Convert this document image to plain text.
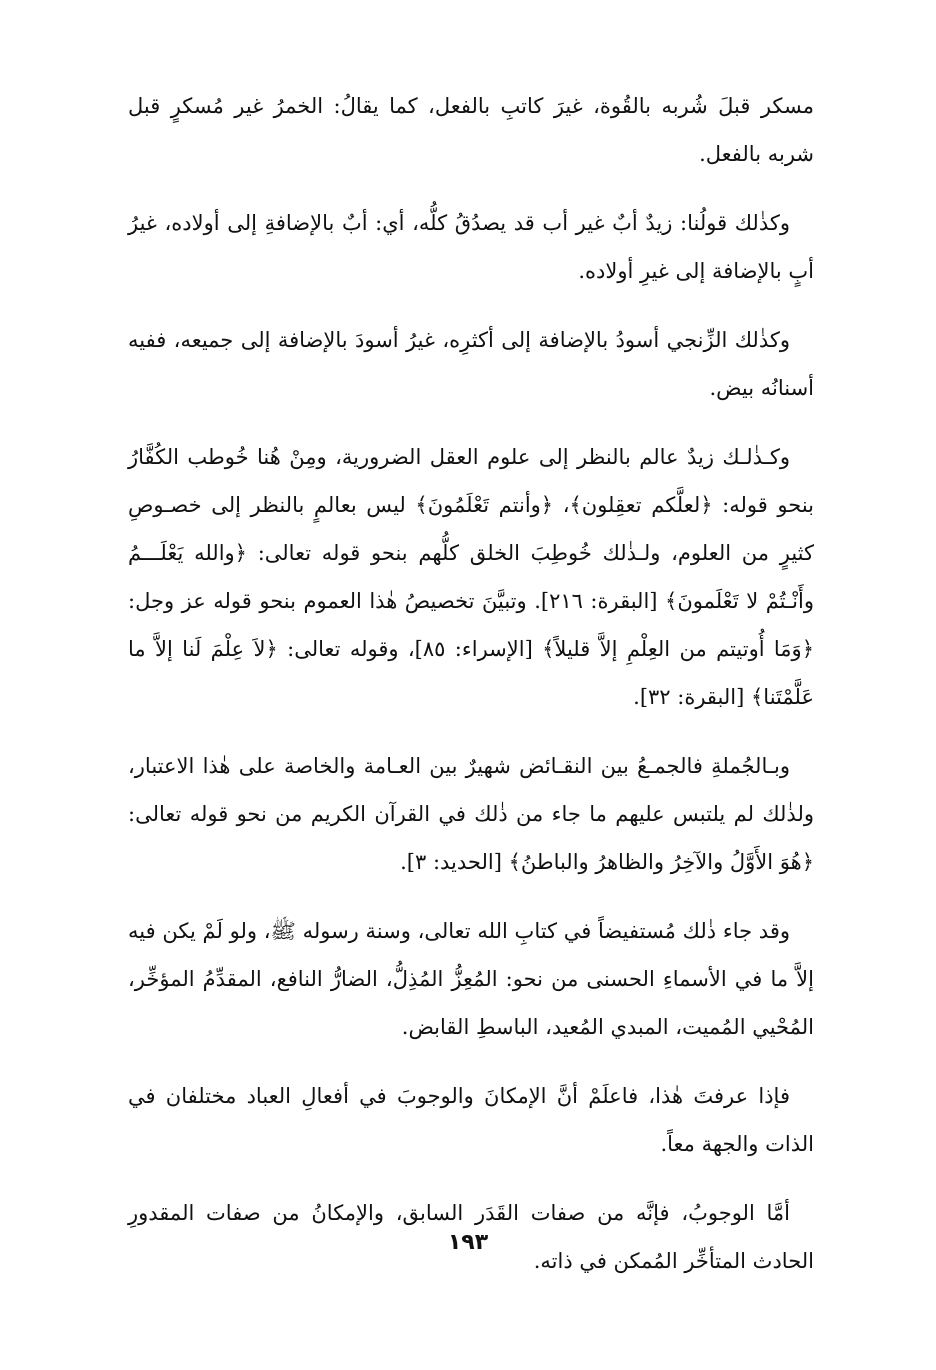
مسكر قبلَ شُربه بالقُوة، غيرَ كاتبِ بالفعل، كما يقالُ: الخمرُ غير مُسكرٍ قبل شربه بالفعل.

وكذٰلك قولُنا: زيدٌ أبٌ غير أب قد يصدُقُ كلُّه، أي: أبٌ بالإضافةِ إلى أولاده، غيرُ أبٍ بالإضافة إلى غيرِ أولاده.

وكذٰلك الزِّنجي أسودُ بالإضافة إلى أكثرِه، غيرُ أسودَ بالإضافة إلى جميعه، ففيه أسنانُه بيض.

وكـذٰلـك زيدٌ عالم بالنظر إلى علوم العقل الضرورية، ومِنْ هُنا خُوطب الكُفَّارُ بنحو قوله: ﴿لعلَّكم تعقِلون﴾، ﴿وأنتم تَعْلَمُونَ﴾ ليس بعالمٍ بالنظر إلى خصـوصِ كثيرٍ من العلوم، ولـذٰلك خُوطِبَ الخلق كلُّهم بنحو قوله تعالى: ﴿والله يَعْلَـــمُ وأَنْـتُمْ لا تَعْلَمونَ﴾ [البقرة: ٢١٦]. وتبيَّنَ تخصيصُ هٰذا العموم بنحو قوله عز وجل: ﴿وَمَا أُوتيتم من العِلْمِ إلاَّ قليلاً﴾ [الإسراء: ٨٥]، وقوله تعالى: ﴿لاَ عِلْمَ لَنا إلاَّ ما عَلَّمْتَنا﴾ [البقرة: ٣٢].

وبـالجُملةِ فالجمـعُ بين النقـائض شهيرٌ بين العـامة والخاصة على هٰذا الاعتبار، ولذٰلك لم يلتبس عليهم ما جاء من ذٰلك في القرآن الكريم من نحو قوله تعالى: ﴿هُوَ الأَوَّلُ والآخِرُ والظاهرُ والباطنُ﴾ [الحديد: ٣].

وقد جاء ذٰلك مُستفيضاً في كتابِ الله تعالى، وسنة رسوله ﷺ، ولو لَمْ يكن فيه إلاَّ ما في الأسماءِ الحسنى من نحو: المُعِزُّ المُذِلُّ، الضارُّ النافع، المقدِّمُ المؤخِّر، المُحْيي المُميت، المبدي المُعيد، الباسطِ القابض.

فإذا عرفتَ هٰذا، فاعلَمْ أنَّ الإمكانَ والوجوبَ في أفعالِ العباد مختلفان في الذات والجهة معاً.

أمَّا الوجوبُ، فإنَّه من صفات القَدَر السابق، والإمكانُ من صفات المقدورِ الحادث المتأخِّر المُمكن في ذاته.

١٩٣
